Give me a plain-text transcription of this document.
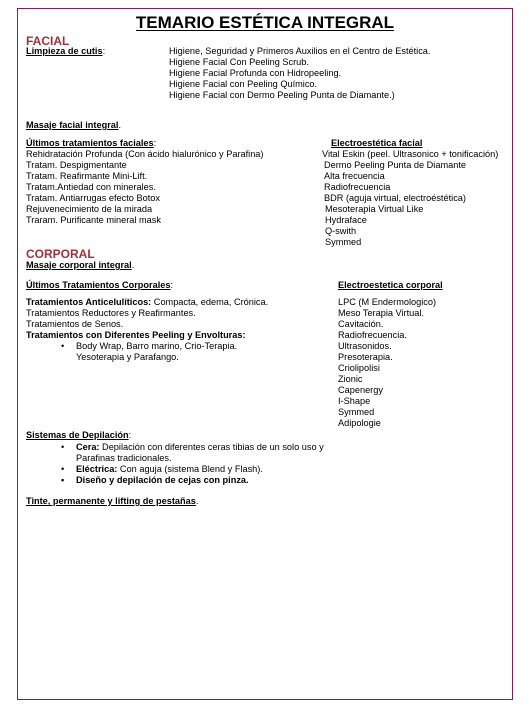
TEMARIO ESTÉTICA INTEGRAL
FACIAL
Limpieza de cutis:	Higiene, Seguridad y Primeros Auxilios en el Centro de Estética.
Higiene Facial Con Peeling Scrub.
Higiene Facial Profunda con Hidropeeling.
Higiene Facial con Peeling Químico.
Higiene Facial con Dermo Peeling Punta de Diamante.)
Masaje facial integral.
Últimos tratamientos faciales:
Rehidratación Profunda (Con ácido hialurónico y Parafina)
Tratam. Despigmentante
Tratam. Reafirmante Mini-Lift.
Tratam.Antiedad con minerales.
Tratam. Antiarrugas efecto Botox
Rejuvenecimiento de la mirada
Traram. Purificante mineral mask
Electroestética facial
Vital Eskin (peel. Ultrasonico + tonificación)
Dermo Peeling Punta de Diamante
Alta frecuencia
Radiofrecuencia
BDR (aguja virtual, electroéstética)
Mesoterapia Virtual Like
Hydraface
Q-swith
Symmed
CORPORAL
Masaje corporal integral.
Últimos Tratamientos Corporales:
Tratamientos Anticelulíticos: Compacta, edema, Crónica.
Tratamientos Reductores y Reafirmantes.
Tratamientos de Senos.
Tratamientos con Diferentes Peeling y Envolturas:
• Body Wrap, Barro marino, Crio-Terapia.
Yesoterapia y Parafango.
Electroestetica corporal
LPC (M Endermologico)
Meso Terapia Virtual.
Cavitación.
Radiofrecuencia.
Ultrasonidos.
Presoterapia.
Criolipolisi
Zionic
Capenergy
I-Shape
Symmed
Adipologie
Sistemas de Depilación:
• Cera: Depilación con diferentes ceras tibias de un solo uso y
Parafinas tradicionales.
• Eléctrica: Con aguja (sistema Blend y Flash).
• Diseño y depilación de cejas con pinza.
Tinte, permanente y lifting de pestañas.
